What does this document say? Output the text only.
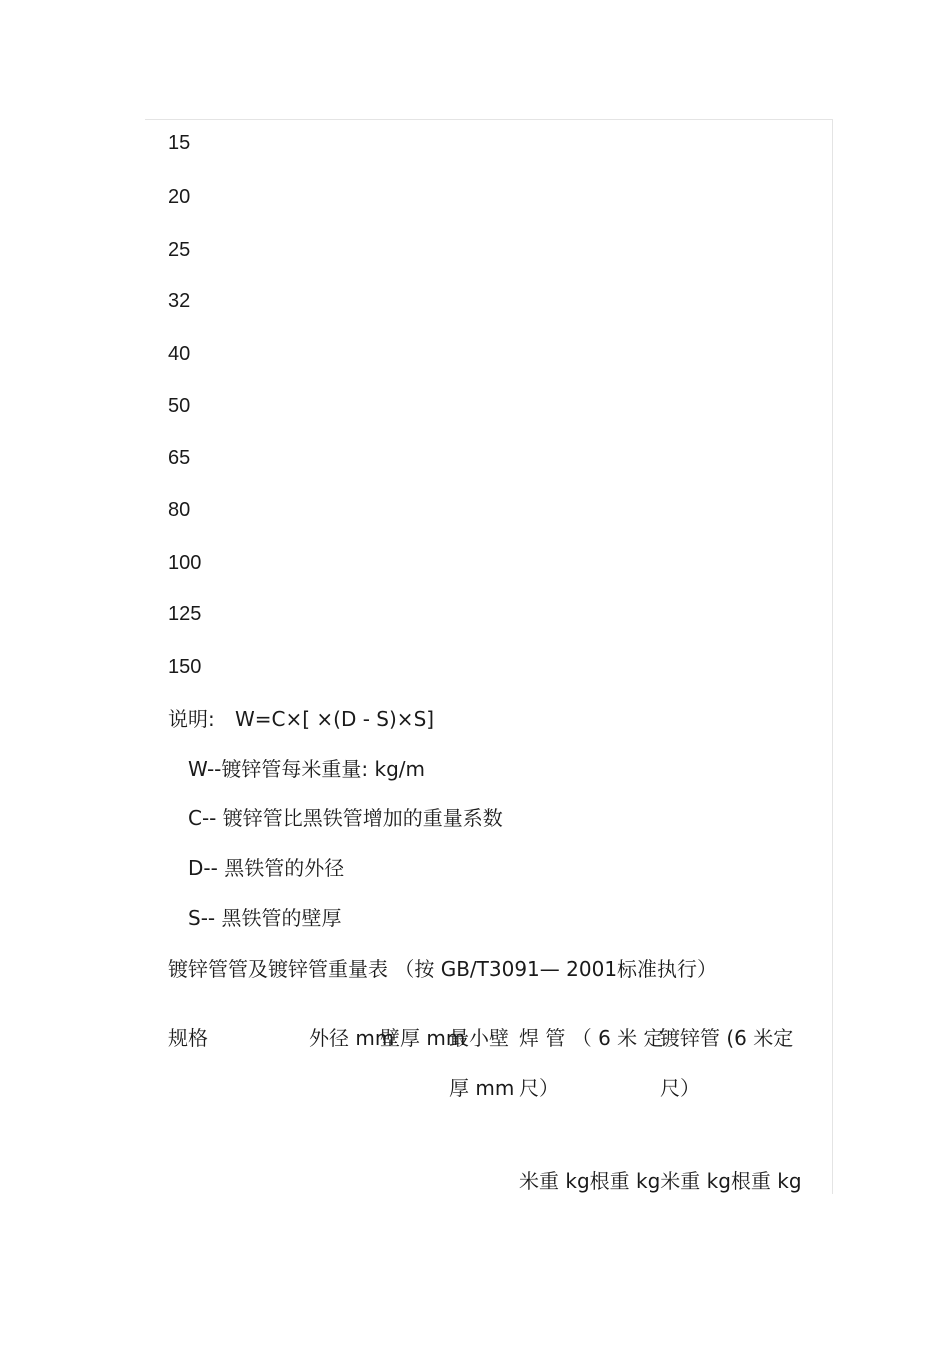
15
20
25
32
40
50
65
80
100
125
150
说明: W=C×[ ×(D - S)×S]
W--镀锌管每米重量: kg/m
C-- 镀锌管比黑铁管增加的重量系数
D-- 黑铁管的外径
S-- 黑铁管的壁厚
镀锌管管及镀锌管重量表 （按 GB/T3091— 2001标准执行）
规格	外径 mm
壁厚 mm
最小壁 焊 管 （ 6 米 定
镀锌管 (6 米定
厚 mm 尺）	尺）
米重 kg根重 kg米重 kg根重 kg
